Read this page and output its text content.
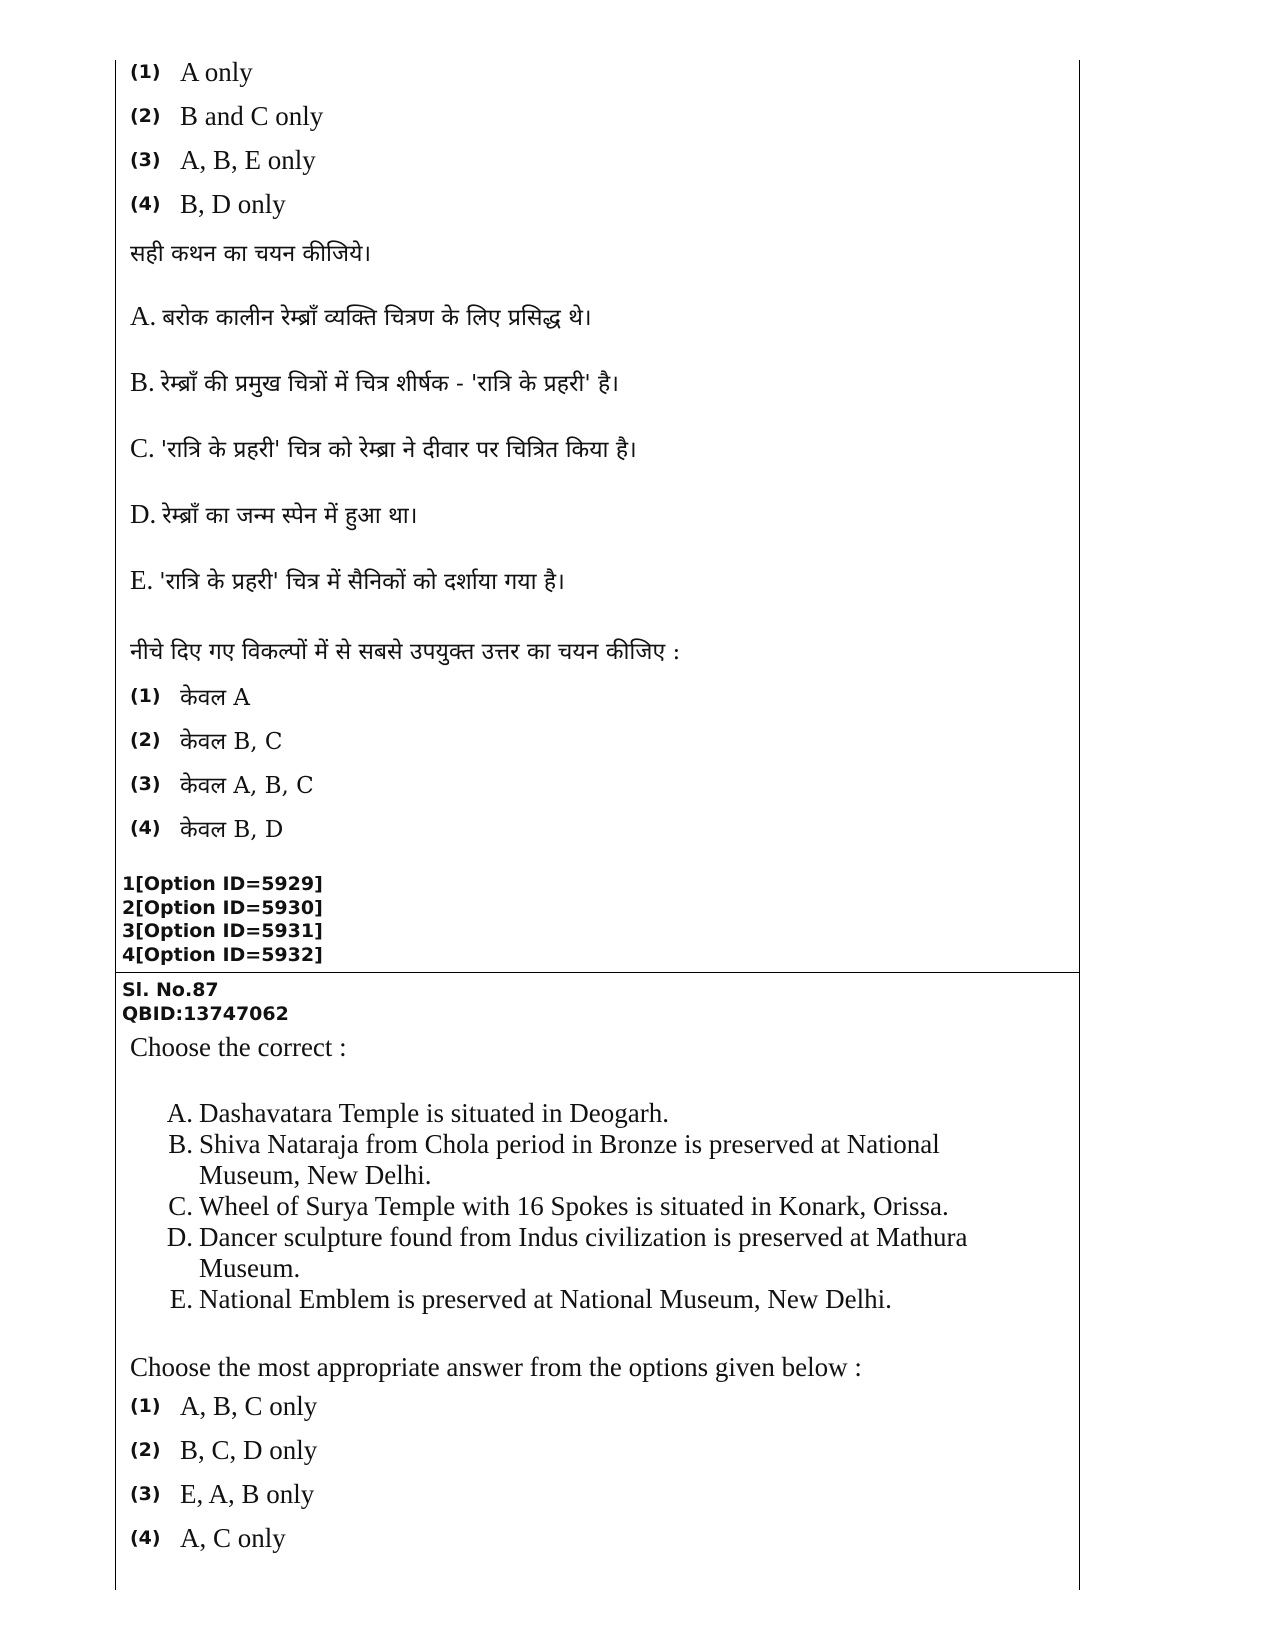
(1) A only
(2) B and C only
(3) A, B, E only
(4) B, D only
सही कथन का चयन कीजिये।
A. बरोक कालीन रेम्ब्राँ व्यक्ति चित्रण के लिए प्रसिद्ध थे।
B. रेम्ब्राँ की प्रमुख चित्रों में चित्र शीर्षक - 'रात्रि के प्रहरी' है।
C. 'रात्रि के प्रहरी' चित्र को रेम्ब्रा ने दीवार पर चित्रित किया है।
D. रेम्ब्राँ का जन्म स्पेन में हुआ था।
E. 'रात्रि के प्रहरी' चित्र में सैनिकों को दर्शाया गया है।
नीचे दिए गए विकल्पों में से सबसे उपयुक्त उत्तर का चयन कीजिए :
(1) केवल A
(2) केवल B, C
(3) केवल A, B, C
(4) केवल B, D
1[Option ID=5929]
2[Option ID=5930]
3[Option ID=5931]
4[Option ID=5932]
Sl. No.87
QBID:13747062
Choose the correct :
A. Dashavatara Temple is situated in Deogarh.
B. Shiva Nataraja from Chola period in Bronze is preserved at National
Museum, New Delhi.
C. Wheel of Surya Temple with 16 Spokes is situated in Konark, Orissa.
D. Dancer sculpture found from Indus civilization is preserved at Mathura
Museum.
E. National Emblem is preserved at National Museum, New Delhi.
Choose the most appropriate answer from the options given below :
(1) A, B, C only
(2) B, C, D only
(3) E, A, B only
(4) A, C only
